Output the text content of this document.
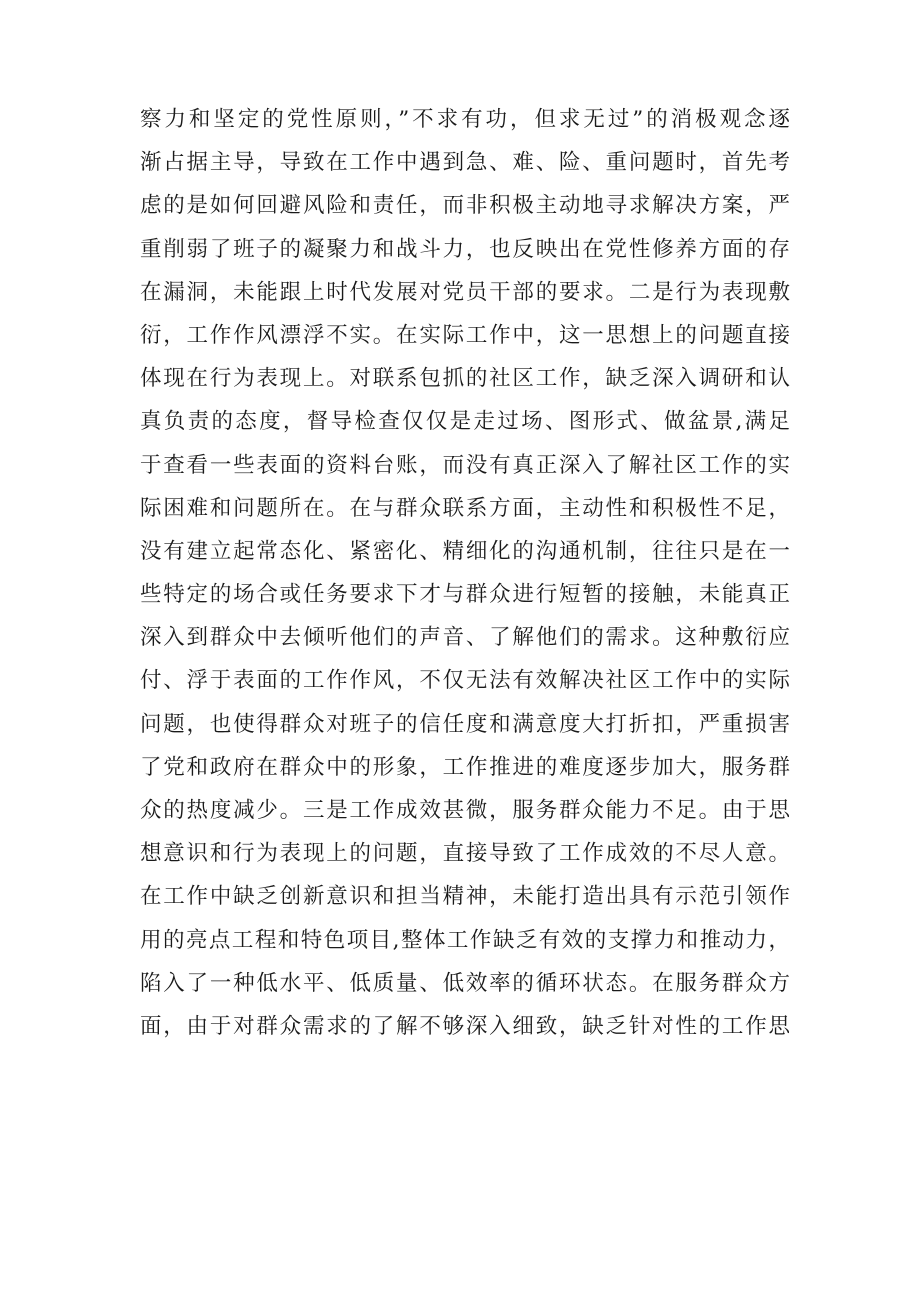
察力和坚定的党性原则，”不求有功，但求无过”的消极观念逐
渐占据主导，导致在工作中遇到急、难、险、重问题时，首先考
虑的是如何回避风险和责任，而非积极主动地寻求解决方案，严
重削弱了班子的凝聚力和战斗力，也反映出在党性修养方面的存
在漏洞，未能跟上时代发展对党员干部的要求。二是行为表现敷
衍，工作作风漂浮不实。在实际工作中，这一思想上的问题直接
体现在行为表现上。对联系包抓的社区工作，缺乏深入调研和认
真负责的态度，督导检查仅仅是走过场、图形式、做盆景,满足
于查看一些表面的资料台账，而没有真正深入了解社区工作的实
际困难和问题所在。在与群众联系方面，主动性和积极性不足，
没有建立起常态化、紧密化、精细化的沟通机制，往往只是在一
些特定的场合或任务要求下才与群众进行短暂的接触，未能真正
深入到群众中去倾听他们的声音、了解他们的需求。这种敷衍应
付、浮于表面的工作作风，不仅无法有效解决社区工作中的实际
问题，也使得群众对班子的信任度和满意度大打折扣，严重损害
了党和政府在群众中的形象，工作推进的难度逐步加大，服务群
众的热度减少。三是工作成效甚微，服务群众能力不足。由于思
想意识和行为表现上的问题，直接导致了工作成效的不尽人意。
在工作中缺乏创新意识和担当精神，未能打造出具有示范引领作
用的亮点工程和特色项目,整体工作缺乏有效的支撑力和推动力，
陷入了一种低水平、低质量、低效率的循环状态。在服务群众方
面，由于对群众需求的了解不够深入细致，缺乏针对性的工作思
